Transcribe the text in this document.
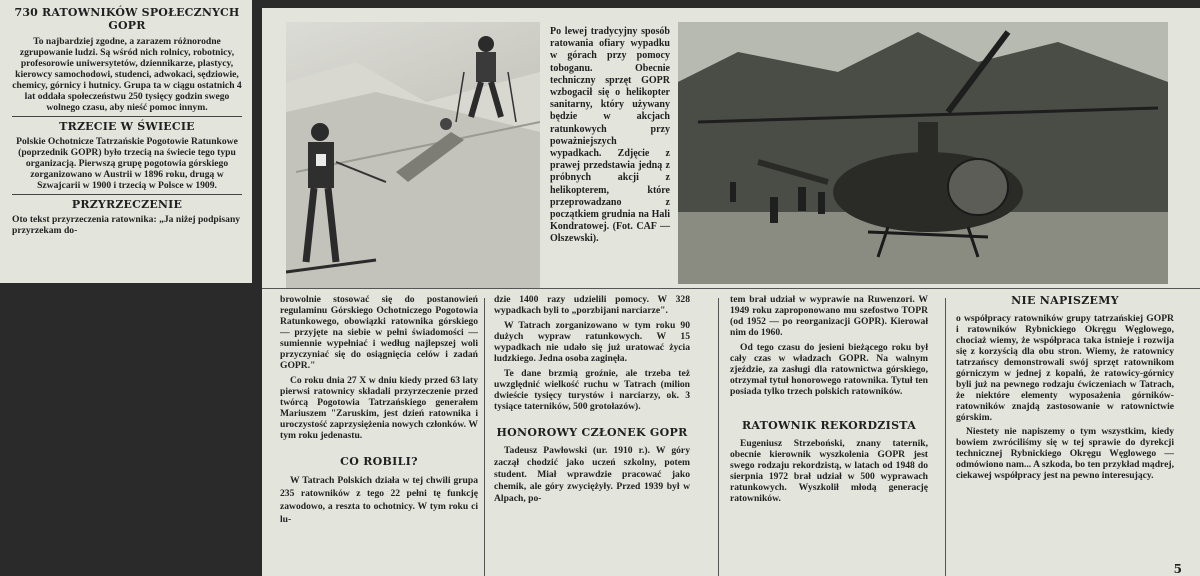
730 RATOWNIKÓW SPOŁECZNYCH GOPR
To najbardziej zgodne, a zarazem różnorodne zgrupowanie ludzi. Są wśród nich rolnicy, robotnicy, profesorowie uniwersytetów, dziennikarze, plastycy, kierowcy samochodowi, studenci, adwokaci, sędziowie, chemicy, górnicy i hutnicy. Grupa ta w ciągu ostatnich 4 lat oddała społeczeństwu 250 tysięcy godzin swego wolnego czasu, aby nieść pomoc innym.
TRZECIE W ŚWIECIE
Polskie Ochotnicze Tatrzańskie Pogotowie Ratunkowe (poprzednik GOPR) było trzecią na świecie tego typu organizacją. Pierwszą grupę pogotowia górskiego zorganizowano w Austrii w 1896 roku, drugą w Szwajcarii w 1900 i trzecią w Polsce w 1909.
PRZYRZECZENIE
Oto tekst przyrzeczenia ratownika: „Ja niżej podpisany przyrzekam do-
Po lewej tradycyjny sposób ratowania ofiary wypadku w górach przy pomocy toboganu. Obecnie techniczny sprzęt GOPR wzbogacił się o helikopter sanitarny, który używany będzie w akcjach ratunkowych przy poważniejszych wypadkach. Zdjęcie z prawej przedstawia jedną z próbnych akcji z helikopterem, które przeprowadzano z początkiem grudnia na Hali Kondratowej. (Fot. CAF — Olszewski).

browolnie stosować się do postanowień regulaminu Górskiego Ochotniczego Pogotowia Ratunkowego, obowiązki ratownika górskiego — przyjęte na siebie w pełni świadomości — sumiennie wypełniać i według najlepszej woli przyczyniać się do osiągnięcia celów i zadań GOPR."

Co roku dnia 27 X w dniu kiedy przed 63 laty pierwsi ratownicy składali przyrzeczenie przed twórcą Pogotowia Tatrzańskiego generałem Mariuszem "Zaruskim, jest dzień ratownika i uroczystość zaprzysiężenia nowych członków. W tym roku jedenastu.

CO ROBILI?

W Tatrach Polskich działa w tej chwili grupa 235 ratowników z tego 22 pełni tę funkcję zawodowo, a reszta to ochotnicy. W tym roku ci lu-

dzie 1400 razy udzielili pomocy. W 328 wypadkach byli to „porzbijani narciarze".

W Tatrach zorganizowano w tym roku 90 dużych wypraw ratunkowych. W 15 wypadkach nie udało się już uratować życia ludzkiego. Jedna osoba zaginęła.

Te dane brzmią groźnie, ale trzeba też uwzględnić wielkość ruchu w Tatrach (milion dwieście tysięcy turystów i narciarzy, ok. 3 tysiące taterników, 500 grotołazów).

HONOROWY CZŁONEK GOPR

Tadeusz Pawłowski (ur. 1910 r.). W góry zaczął chodzić jako uczeń szkolny, potem student. Miał wprawdzie pracować jako chemik, ale góry zwyciężyły. Przed 1939 był w Alpach, po-

tem brał udział w wyprawie na Ruwenzori. W 1949 roku zaproponowano mu szefostwo TOPR (od 1952 — po reorganizacji GOPR). Kierował nim do 1960.

Od tego czasu do jesieni bieżącego roku był cały czas w władzach GOPR. Na walnym zjeździe, za zasługi dla ratownictwa górskiego, otrzymał tytuł honorowego ratownika. Tytuł ten posiada tylko trzech polskich ratowników.

RATOWNIK REKORDZISTA

Eugeniusz Strzeboński, znany taternik, obecnie kierownik wyszkolenia GOPR jest swego rodzaju rekordzistą, w latach od 1948 do sierpnia 1972 brał udział w 500 wyprawach ratunkowych. Wyszkolił młodą generację ratowników.

NIE NAPISZEMY

o współpracy ratowników grupy tatrzańskiej GOPR i ratowników Rybnickiego Okręgu Węglowego, chociaż wiemy, że współpraca taka istnieje i rozwija się z korzyścią dla obu stron. Wiemy, że ratownicy tatrzańscy demonstrowali swój sprzęt ratownikom górniczym w jednej z kopalń, że ratowicy-górnicy byli już na pewnego rodzaju ćwiczeniach w Tatrach, że niektóre elementy wyposażenia górników-ratowników znajdą zastosowanie w ratownictwie górskim.

Niestety nie napiszemy o tym wszystkim, kiedy bowiem zwróciliśmy się w tej sprawie do dyrekcji technicznej Rybnickiego Okręgu Węglowego — odmówiono nam... A szkoda, bo ten przykład mądrej, ciekawej współpracy jest na pewno interesujący.

5
